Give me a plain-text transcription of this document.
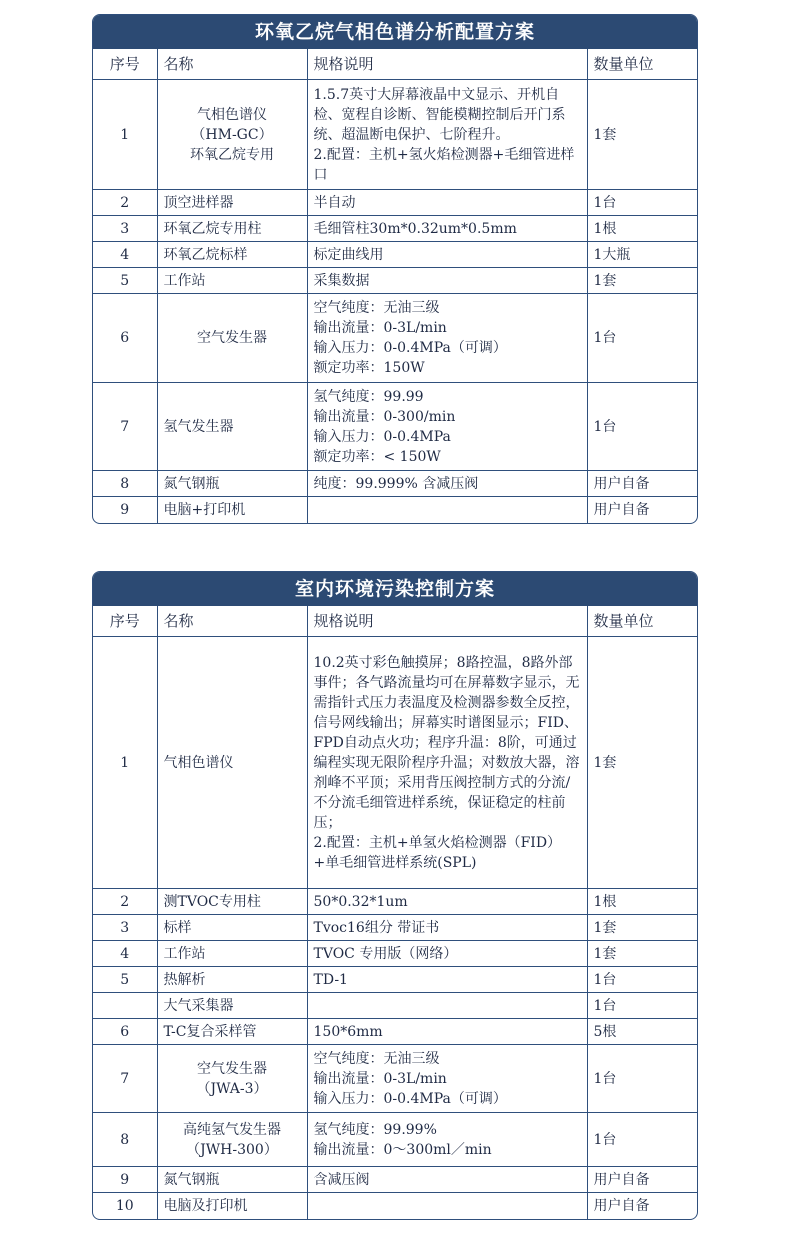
环氧乙烷气相色谱分析配置方案
序号	名称	规格说明	数量单位
1	气相色谱仪
（HM-GC）
环氧乙烷专用	1.5.7英寸大屏幕液晶中文显示、开机自检、宽程自诊断、智能模糊控制后开门系统、超温断电保护、七阶程升。
2.配置：主机+氢火焰检测器+毛细管进样口	1套
2	顶空进样器	半自动	1台
3	环氧乙烷专用柱	毛细管柱30m*0.32um*0.5mm	1根
4	环氧乙烷标样	标定曲线用	1大瓶
5	工作站	采集数据	1套
6	空气发生器	空气纯度：无油三级
输出流量：0-3L/min
输入压力：0-0.4MPa（可调）
额定功率：150W	1台
7	氢气发生器	氢气纯度：99.99
输出流量：0-300/min
输入压力：0-0.4MPa
额定功率：< 150W	1台
8	氮气钢瓶	纯度：99.999% 含减压阀	用户自备
9	电脑+打印机		用户自备
室内环境污染控制方案
序号	名称	规格说明	数量单位
1	气相色谱仪	10.2英寸彩色触摸屏；8路控温，8路外部事件；各气路流量均可在屏幕数字显示，无需指针式压力表温度及检测器参数全反控，信号网线输出；屏幕实时谱图显示；FID、FPD自动点火功；程序升温：8阶，可通过编程实现无限阶程序升温；对数放大器，溶剂峰不平顶；采用背压阀控制方式的分流/不分流毛细管进样系统，保证稳定的柱前压；
2.配置：主机+单氢火焰检测器（FID）+单毛细管进样系统(SPL)	1套
2	测TVOC专用柱	50*0.32*1um	1根
3	标样	Tvoc16组分 带证书	1套
4	工作站	TVOC 专用版（网络）	1套
5	热解析	TD-1	1台
	大气采集器		1台
6	T-C复合采样管	150*6mm	5根
7	空气发生器
（JWA-3）	空气纯度：无油三级
输出流量：0-3L/min
输入压力：0-0.4MPa（可调）	1台
8	高纯氢气发生器
（JWH-300）	氢气纯度：99.99%
输出流量：0～300ml／min	1台
9	氮气钢瓶	含减压阀	用户自备
10	电脑及打印机		用户自备
